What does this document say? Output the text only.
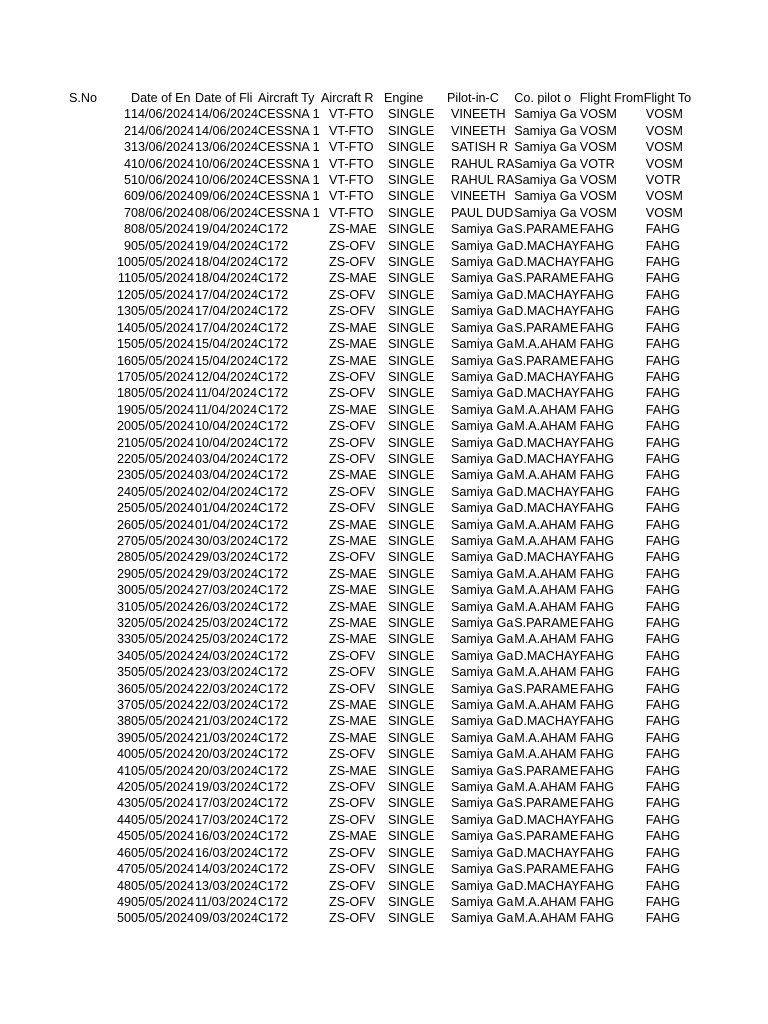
S.No	Date of En	Date of Fli	Aircraft Ty	Aircraft R	Engine	Pilot-in-C	Co. pilot o	Flight From	Flight To
1	14/06/2024	14/06/2024	CESSNA 1	VT-FTO	SINGLE	VINEETH	Samiya Ga	VOSM	VOSM
2	14/06/2024	14/06/2024	CESSNA 1	VT-FTO	SINGLE	VINEETH	Samiya Ga	VOSM	VOSM
3	13/06/2024	13/06/2024	CESSNA 1	VT-FTO	SINGLE	SATISH R	Samiya Ga	VOSM	VOSM
4	10/06/2024	10/06/2024	CESSNA 1	VT-FTO	SINGLE	RAHUL RA	Samiya Ga	VOTR	VOSM
5	10/06/2024	10/06/2024	CESSNA 1	VT-FTO	SINGLE	RAHUL RA	Samiya Ga	VOSM	VOTR
6	09/06/2024	09/06/2024	CESSNA 1	VT-FTO	SINGLE	VINEETH	Samiya Ga	VOSM	VOSM
7	08/06/2024	08/06/2024	CESSNA 1	VT-FTO	SINGLE	PAUL DUD	Samiya Ga	VOSM	VOSM
8	08/05/2024	19/04/2024	C172	ZS-MAE	SINGLE	Samiya Ga	S.PARAME	FAHG	FAHG
9	05/05/2024	19/04/2024	C172	ZS-OFV	SINGLE	Samiya Ga	D.MACHAY	FAHG	FAHG
10	05/05/2024	18/04/2024	C172	ZS-OFV	SINGLE	Samiya Ga	D.MACHAY	FAHG	FAHG
11	05/05/2024	18/04/2024	C172	ZS-MAE	SINGLE	Samiya Ga	S.PARAME	FAHG	FAHG
12	05/05/2024	17/04/2024	C172	ZS-OFV	SINGLE	Samiya Ga	D.MACHAY	FAHG	FAHG
13	05/05/2024	17/04/2024	C172	ZS-OFV	SINGLE	Samiya Ga	D.MACHAY	FAHG	FAHG
14	05/05/2024	17/04/2024	C172	ZS-MAE	SINGLE	Samiya Ga	S.PARAME	FAHG	FAHG
15	05/05/2024	15/04/2024	C172	ZS-MAE	SINGLE	Samiya Ga	M.A.AHAM	FAHG	FAHG
16	05/05/2024	15/04/2024	C172	ZS-MAE	SINGLE	Samiya Ga	S.PARAME	FAHG	FAHG
17	05/05/2024	12/04/2024	C172	ZS-OFV	SINGLE	Samiya Ga	D.MACHAY	FAHG	FAHG
18	05/05/2024	11/04/2024	C172	ZS-OFV	SINGLE	Samiya Ga	D.MACHAY	FAHG	FAHG
19	05/05/2024	11/04/2024	C172	ZS-MAE	SINGLE	Samiya Ga	M.A.AHAM	FAHG	FAHG
20	05/05/2024	10/04/2024	C172	ZS-OFV	SINGLE	Samiya Ga	M.A.AHAM	FAHG	FAHG
21	05/05/2024	10/04/2024	C172	ZS-OFV	SINGLE	Samiya Ga	D.MACHAY	FAHG	FAHG
22	05/05/2024	03/04/2024	C172	ZS-OFV	SINGLE	Samiya Ga	D.MACHAY	FAHG	FAHG
23	05/05/2024	03/04/2024	C172	ZS-MAE	SINGLE	Samiya Ga	M.A.AHAM	FAHG	FAHG
24	05/05/2024	02/04/2024	C172	ZS-OFV	SINGLE	Samiya Ga	D.MACHAY	FAHG	FAHG
25	05/05/2024	01/04/2024	C172	ZS-OFV	SINGLE	Samiya Ga	D.MACHAY	FAHG	FAHG
26	05/05/2024	01/04/2024	C172	ZS-MAE	SINGLE	Samiya Ga	M.A.AHAM	FAHG	FAHG
27	05/05/2024	30/03/2024	C172	ZS-MAE	SINGLE	Samiya Ga	M.A.AHAM	FAHG	FAHG
28	05/05/2024	29/03/2024	C172	ZS-OFV	SINGLE	Samiya Ga	D.MACHAY	FAHG	FAHG
29	05/05/2024	29/03/2024	C172	ZS-MAE	SINGLE	Samiya Ga	M.A.AHAM	FAHG	FAHG
30	05/05/2024	27/03/2024	C172	ZS-MAE	SINGLE	Samiya Ga	M.A.AHAM	FAHG	FAHG
31	05/05/2024	26/03/2024	C172	ZS-MAE	SINGLE	Samiya Ga	M.A.AHAM	FAHG	FAHG
32	05/05/2024	25/03/2024	C172	ZS-MAE	SINGLE	Samiya Ga	S.PARAME	FAHG	FAHG
33	05/05/2024	25/03/2024	C172	ZS-MAE	SINGLE	Samiya Ga	M.A.AHAM	FAHG	FAHG
34	05/05/2024	24/03/2024	C172	ZS-OFV	SINGLE	Samiya Ga	D.MACHAY	FAHG	FAHG
35	05/05/2024	23/03/2024	C172	ZS-OFV	SINGLE	Samiya Ga	M.A.AHAM	FAHG	FAHG
36	05/05/2024	22/03/2024	C172	ZS-OFV	SINGLE	Samiya Ga	S.PARAME	FAHG	FAHG
37	05/05/2024	22/03/2024	C172	ZS-MAE	SINGLE	Samiya Ga	M.A.AHAM	FAHG	FAHG
38	05/05/2024	21/03/2024	C172	ZS-MAE	SINGLE	Samiya Ga	D.MACHAY	FAHG	FAHG
39	05/05/2024	21/03/2024	C172	ZS-MAE	SINGLE	Samiya Ga	M.A.AHAM	FAHG	FAHG
40	05/05/2024	20/03/2024	C172	ZS-OFV	SINGLE	Samiya Ga	M.A.AHAM	FAHG	FAHG
41	05/05/2024	20/03/2024	C172	ZS-MAE	SINGLE	Samiya Ga	S.PARAME	FAHG	FAHG
42	05/05/2024	19/03/2024	C172	ZS-OFV	SINGLE	Samiya Ga	M.A.AHAM	FAHG	FAHG
43	05/05/2024	17/03/2024	C172	ZS-OFV	SINGLE	Samiya Ga	S.PARAME	FAHG	FAHG
44	05/05/2024	17/03/2024	C172	ZS-OFV	SINGLE	Samiya Ga	D.MACHAY	FAHG	FAHG
45	05/05/2024	16/03/2024	C172	ZS-MAE	SINGLE	Samiya Ga	S.PARAME	FAHG	FAHG
46	05/05/2024	16/03/2024	C172	ZS-OFV	SINGLE	Samiya Ga	D.MACHAY	FAHG	FAHG
47	05/05/2024	14/03/2024	C172	ZS-OFV	SINGLE	Samiya Ga	S.PARAME	FAHG	FAHG
48	05/05/2024	13/03/2024	C172	ZS-OFV	SINGLE	Samiya Ga	D.MACHAY	FAHG	FAHG
49	05/05/2024	11/03/2024	C172	ZS-OFV	SINGLE	Samiya Ga	M.A.AHAM	FAHG	FAHG
50	05/05/2024	09/03/2024	C172	ZS-OFV	SINGLE	Samiya Ga	M.A.AHAM	FAHG	FAHG
